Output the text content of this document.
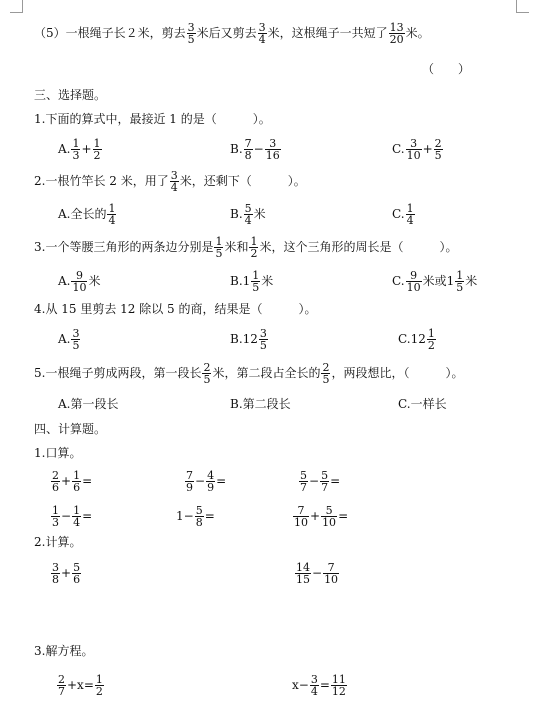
（5）一根绳子长２米，剪去 $\frac{3}{5}$ 米后又剪去 $\frac{3}{4}$ 米，这根绳子一共短了 $\frac{13}{20}$ 米。
（　　）
三、选择题。
1.下面的算式中，最接近 1 的是（　　　）。
A. $\frac{1}{3} + \frac{1}{2}$	B. $\frac{7}{8} - \frac{3}{16}$	C. $\frac{3}{10} + \frac{2}{5}$
2.一根竹竿长 2 米，用了 $\frac{3}{4}$ 米，还剩下（　　　）。
A.全长的 $\frac{1}{4}$	B. $\frac{5}{4}$ 米	C. $\frac{1}{4}$
3.一个等腰三角形的两条边分别是 $\frac{1}{5}$ 米和 $\frac{1}{2}$ 米，这个三角形的周长是（　　　）。
A. $\frac{9}{10}$ 米	$B.1 \frac{1}{5}$ 米	C. $\frac{9}{10}$ 米或$1 \frac{1}{5}$ 米
4.从 15 里剪去 12 除以 5 的商，结果是（　　　）。
A. $\frac{3}{5}$	$B.12 \frac{3}{5}$	$C.12 \frac{1}{2}$
5.一根绳子剪成两段，第一段长 $\frac{2}{5}$ 米，第二段占全长的 $\frac{2}{5}$ ，两段想比，（　　　）。
A.第一段长	B.第二段长	C.一样长
四、计算题。
1.口算。
$\frac{2}{6} + \frac{1}{6}$ =	$\frac{7}{9} - \frac{4}{9}$ =	$\frac{5}{7} - \frac{5}{7}$ =
$\frac{1}{3} - \frac{1}{4}$ =	$1- \frac{5}{8}$ =	$\frac{7}{10} + \frac{5}{10}$ =
2.计算。
$\frac{3}{8} + \frac{5}{6}$	$\frac{14}{15} - \frac{7}{10}$
3.解方程。
$\frac{2}{7} +x= \frac{1}{2}$	$x- \frac{3}{4} = \frac{11}{12}$
